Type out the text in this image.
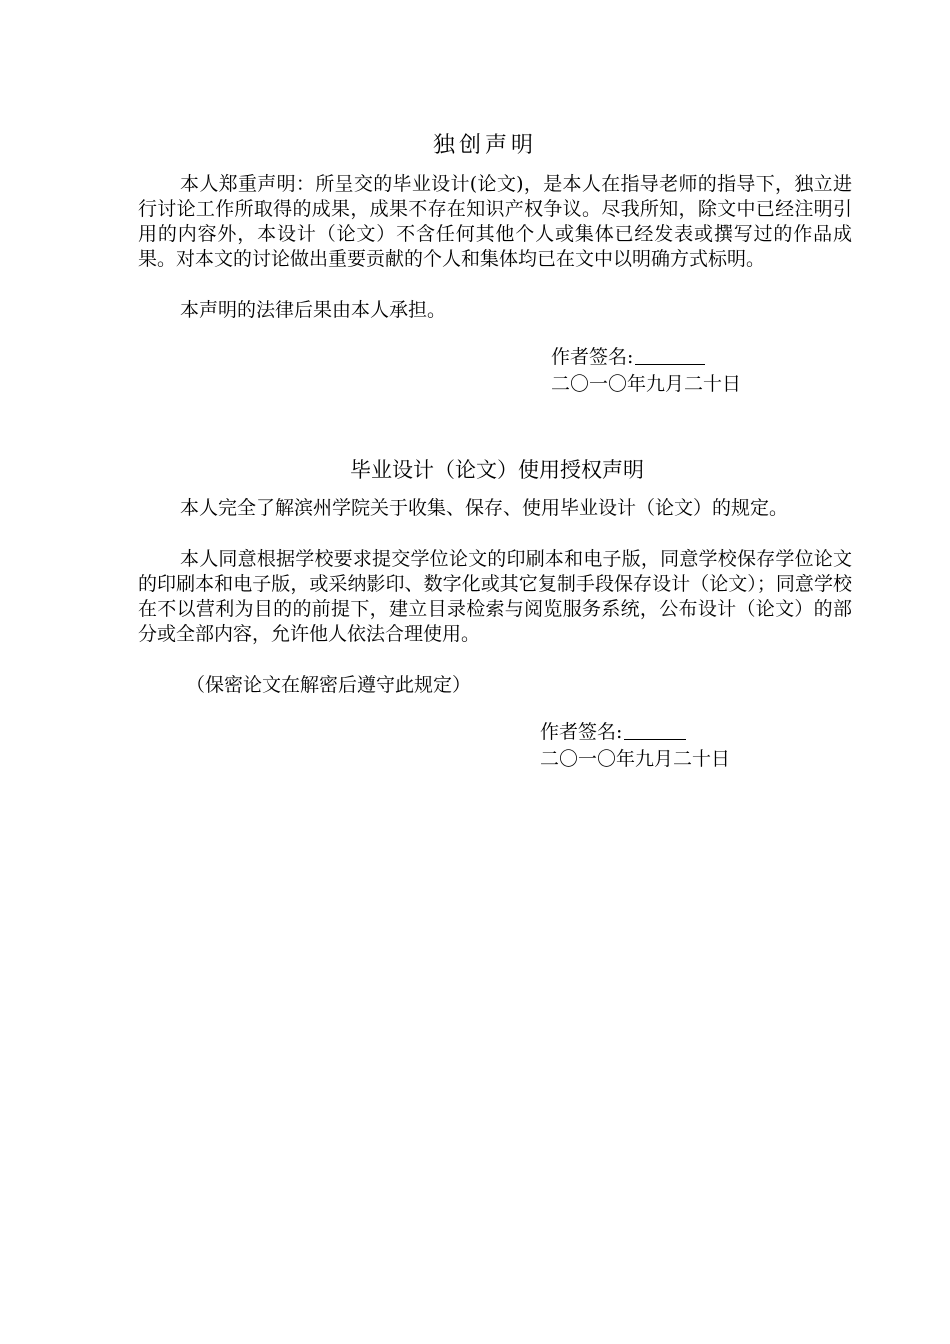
独创声明

本人郑重声明：所呈交的毕业设计(论文)，是本人在指导老师的指导下，独立进行讨论工作所取得的成果，成果不存在知识产权争议。尽我所知，除文中已经注明引用的内容外，本设计（论文）不含任何其他个人或集体已经发表或撰写过的作品成果。对本文的讨论做出重要贡献的个人和集体均已在文中以明确方式标明。

本声明的法律后果由本人承担。

作者签名:
二〇一〇年九月二十日
毕业设计（论文）使用授权声明

本人完全了解滨州学院关于收集、保存、使用毕业设计（论文）的规定。

本人同意根据学校要求提交学位论文的印刷本和电子版，同意学校保存学位论文的印刷本和电子版，或采纳影印、数字化或其它复制手段保存设计（论文）；同意学校在不以营利为目的的前提下，建立目录检索与阅览服务系统，公布设计（论文）的部分或全部内容，允许他人依法合理使用。

（保密论文在解密后遵守此规定）

作者签名:
二〇一〇年九月二十日
